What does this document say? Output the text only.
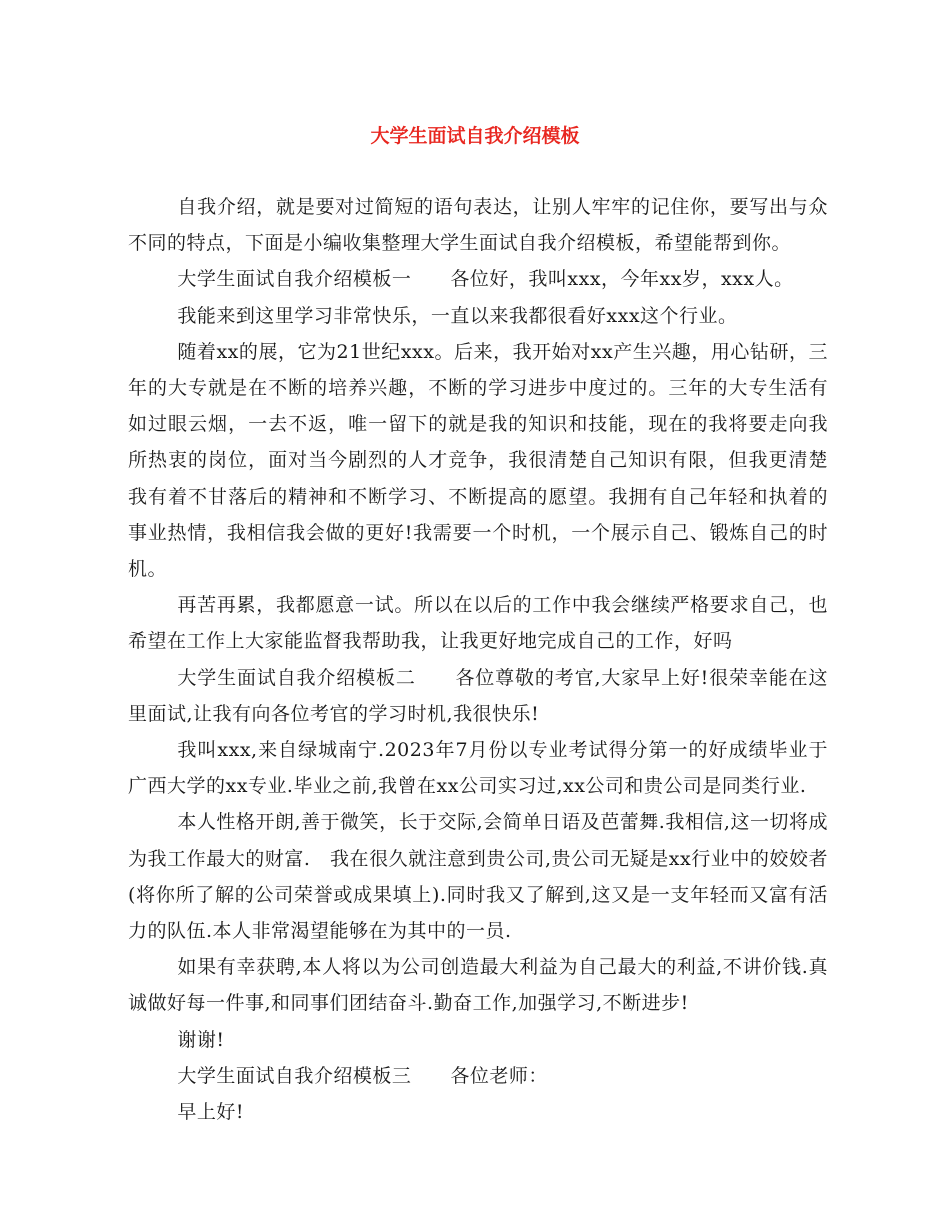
大学生面试自我介绍模板

自我介绍，就是要对过简短的语句表达，让别人牢牢的记住你，要写出与众不同的特点，下面是小编收集整理大学生面试自我介绍模板，希望能帮到你。

大学生面试自我介绍模板一　　各位好，我叫xxx，今年xx岁，xxx人。

我能来到这里学习非常快乐，一直以来我都很看好xxx这个行业。

随着xx的展，它为21世纪xxx。后来，我开始对xx产生兴趣，用心钻研，三年的大专就是在不断的培养兴趣，不断的学习进步中度过的。三年的大专生活有如过眼云烟，一去不返，唯一留下的就是我的知识和技能，现在的我将要走向我所热衷的岗位，面对当今剧烈的人才竞争，我很清楚自己知识有限，但我更清楚我有着不甘落后的精神和不断学习、不断提高的愿望。我拥有自己年轻和执着的事业热情，我相信我会做的更好!我需要一个时机，一个展示自己、锻炼自己的时机。

再苦再累，我都愿意一试。所以在以后的工作中我会继续严格要求自己，也希望在工作上大家能监督我帮助我，让我更好地完成自己的工作，好吗

大学生面试自我介绍模板二　　各位尊敬的考官,大家早上好!很荣幸能在这里面试,让我有向各位考官的学习时机,我很快乐!

我叫xxx,来自绿城南宁.2023年7月份以专业考试得分第一的好成绩毕业于广西大学的xx专业.毕业之前,我曾在xx公司实习过,xx公司和贵公司是同类行业.

本人性格开朗,善于微笑，长于交际,会简单日语及芭蕾舞.我相信,这一切将成为我工作最大的财富.　我在很久就注意到贵公司,贵公司无疑是xx行业中的姣姣者(将你所了解的公司荣誉或成果填上).同时我又了解到,这又是一支年轻而又富有活力的队伍.本人非常渴望能够在为其中的一员.

如果有幸获聘,本人将以为公司创造最大利益为自己最大的利益,不讲价钱.真诚做好每一件事,和同事们团结奋斗.勤奋工作,加强学习,不断进步!

谢谢!

大学生面试自我介绍模板三　　各位老师：

早上好!
